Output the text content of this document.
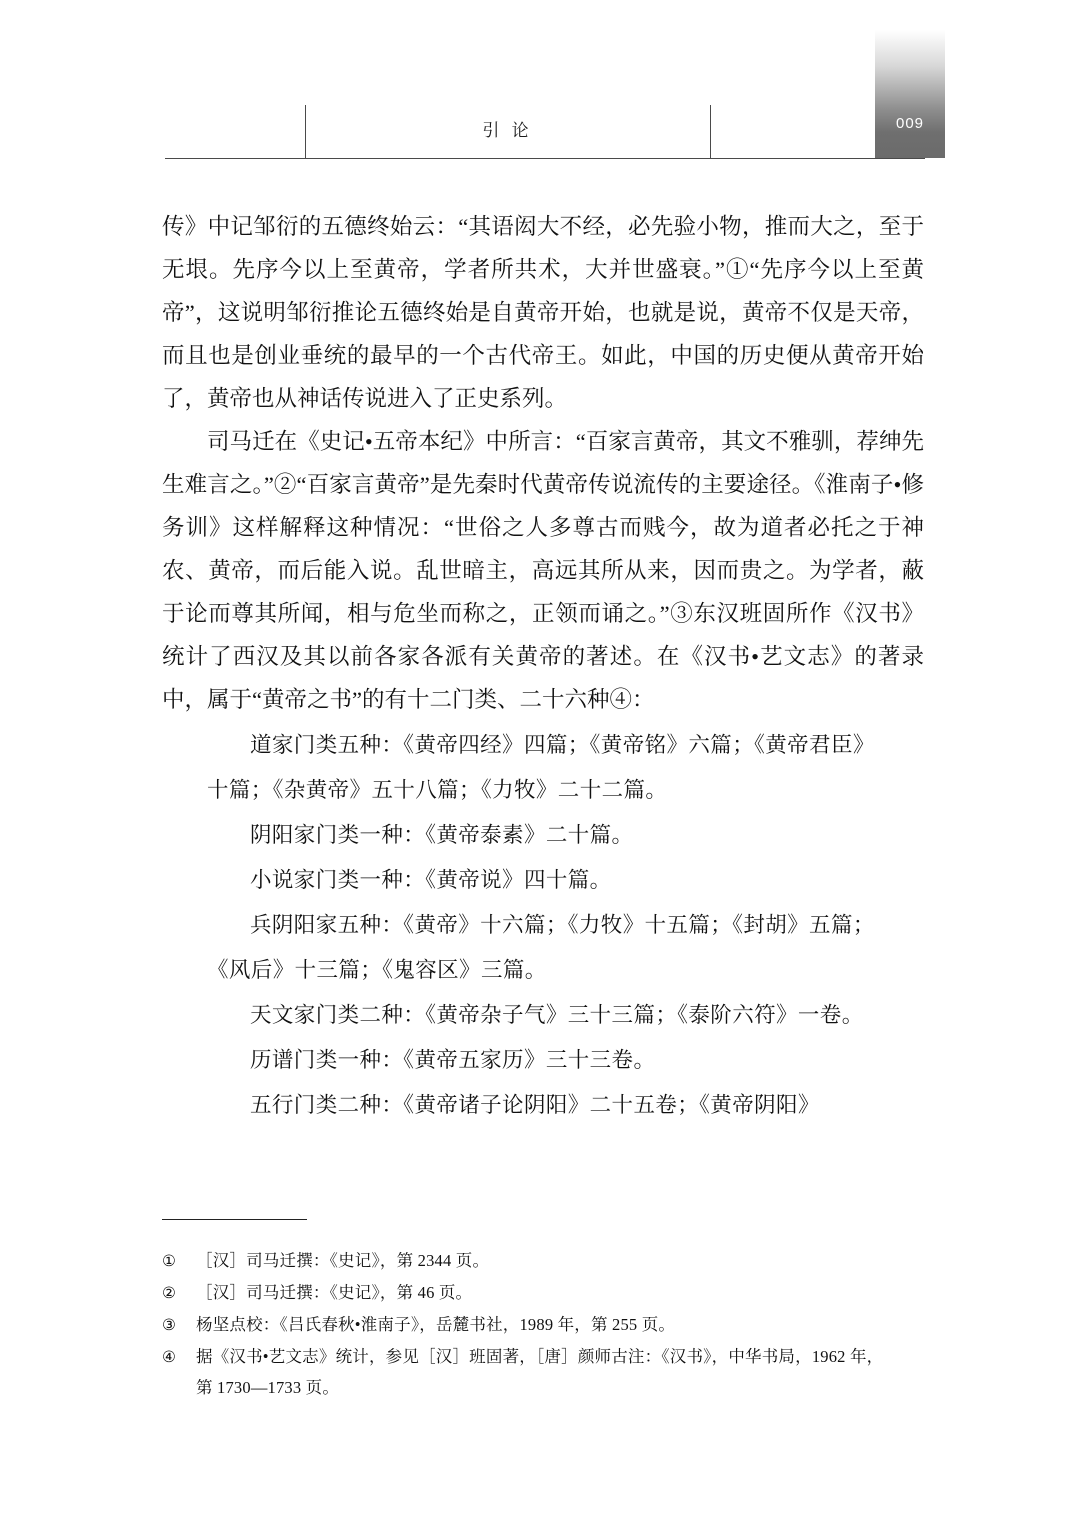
引 论	009

传》中记邹衍的五德终始云：“其语闳大不经，必先验小物，推而大之，至于无垠。先序今以上至黄帝，学者所共术，大并世盛衰。”①“先序今以上至黄帝”，这说明邹衍推论五德终始是自黄帝开始，也就是说，黄帝不仅是天帝，而且也是创业垂统的最早的一个古代帝王。如此，中国的历史便从黄帝开始了，黄帝也从神话传说进入了正史系列。

司马迁在《史记•五帝本纪》中所言：“百家言黄帝，其文不雅驯，荐绅先生难言之。”②“百家言黄帝”是先秦时代黄帝传说流传的主要途径。《淮南子•修务训》这样解释这种情况：“世俗之人多尊古而贱今，故为道者必托之于神农、黄帝，而后能入说。乱世暗主，高远其所从来，因而贵之。为学者，蔽于论而尊其所闻，相与危坐而称之，正领而诵之。”③东汉班固所作《汉书》统计了西汉及其以前各家各派有关黄帝的著述。在《汉书•艺文志》的著录中，属于“黄帝之书”的有十二门类、二十六种④：

道家门类五种：《黄帝四经》四篇；《黄帝铭》六篇；《黄帝君臣》

十篇；《杂黄帝》五十八篇；《力牧》二十二篇。

阴阳家门类一种：《黄帝泰素》二十篇。

小说家门类一种：《黄帝说》四十篇。

兵阴阳家五种：《黄帝》十六篇；《力牧》十五篇；《封胡》五篇；

《风后》十三篇；《鬼容区》三篇。

天文家门类二种：《黄帝杂子气》三十三篇；《泰阶六符》一卷。

历谱门类一种：《黄帝五家历》三十三卷。

五行门类二种：《黄帝诸子论阴阳》二十五卷；《黄帝阴阳》

①	［汉］司马迁撰：《史记》，第 2344 页。
②	［汉］司马迁撰：《史记》，第 46 页。
③	杨坚点校：《吕氏春秋•淮南子》，岳麓书社，1989 年，第 255 页。
④	据《汉书•艺文志》统计，参见［汉］班固著，［唐］颜师古注：《汉书》，中华书局，1962 年，
第 1730—1733 页。
